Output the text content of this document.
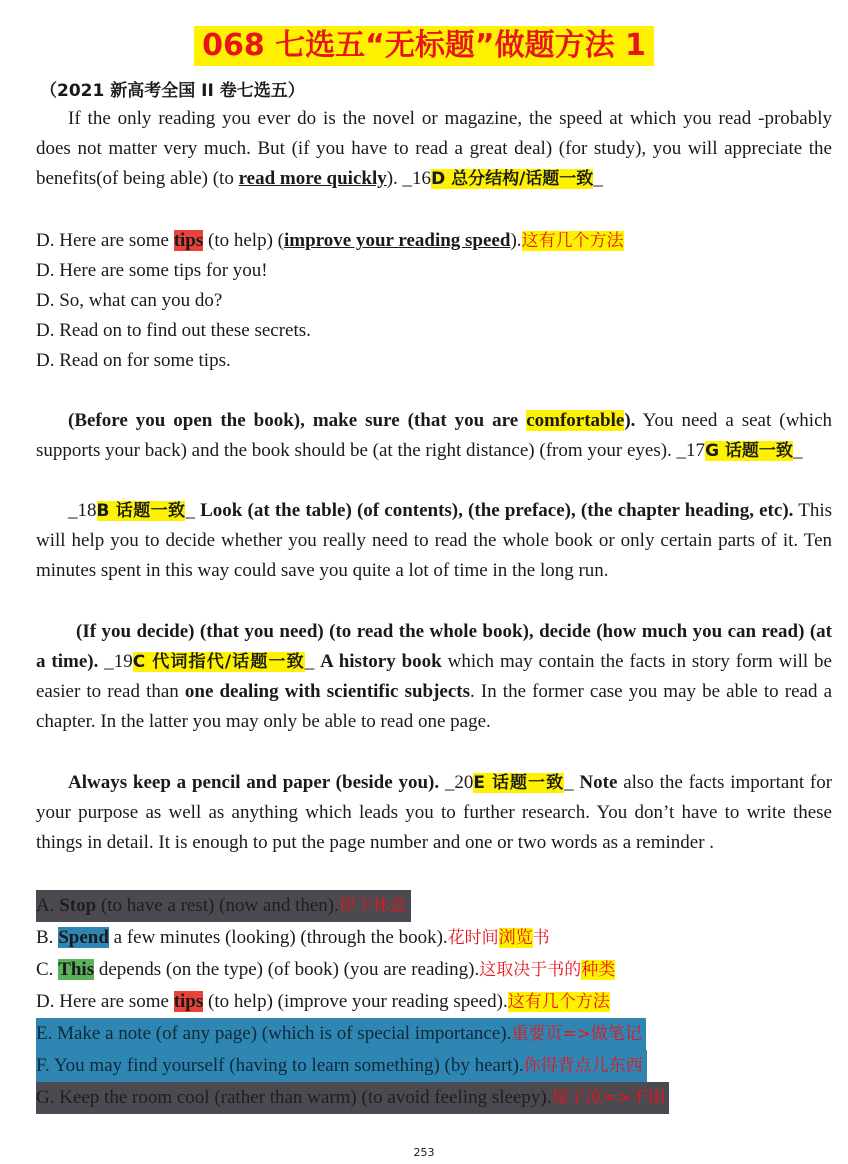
068 七选五“无标题”做题方法 1
（2021 新高考全国 II 卷七选五）
If the only reading you ever do is the novel or magazine, the speed at which you read -probably does not matter very much. But (if you have to read a great deal) (for study), you will appreciate the benefits(of being able) (to read more quickly). _16D 总分结构/话题一致_
D. Here are some tips (to help) (improve your reading speed).这有几个方法
D. Here are some tips for you!
D. So, what can you do?
D. Read on to find out these secrets.
D. Read on for some tips.
(Before you open the book), make sure (that you are comfortable). You need a seat (which supports your back) and the book should be (at the right distance) (from your eyes). _17G 话题一致_
_18B 话题一致_ Look (at the table) (of contents), (the preface), (the chapter heading, etc). This will help you to decide whether you really need to read the whole book or only certain parts of it. Ten minutes spent in this way could save you quite a lot of time in the long run.
(If you decide) (that you need) (to read the whole book), decide (how much you can read) (at a time). _19C 代词指代/话题一致_ A history book which may contain the facts in story form will be easier to read than one dealing with scientific subjects. In the former case you may be able to read a chapter. In the latter you may only be able to read one page.
Always keep a pencil and paper (beside you). _20E 话题一致_ Note also the facts important for your purpose as well as anything which leads you to further research. You don’t have to write these things in detail. It is enough to put the page number and one or two words as a reminder .
A. Stop (to have a rest) (now and then).停下休息
B. Spend a few minutes (looking) (through the book).花时间浏览书
C. This depends (on the type) (of book) (you are reading).这取决于书的种类
D. Here are some tips (to help) (improve your reading speed).这有几个方法
E. Make a note (of any page) (which is of special importance).重要页=>做笔记
F. You may find yourself (having to learn something) (by heart).你得背点儿东西
G. Keep the room cool (rather than warm) (to avoid feeling sleepy).屋子凉=>不困
253
